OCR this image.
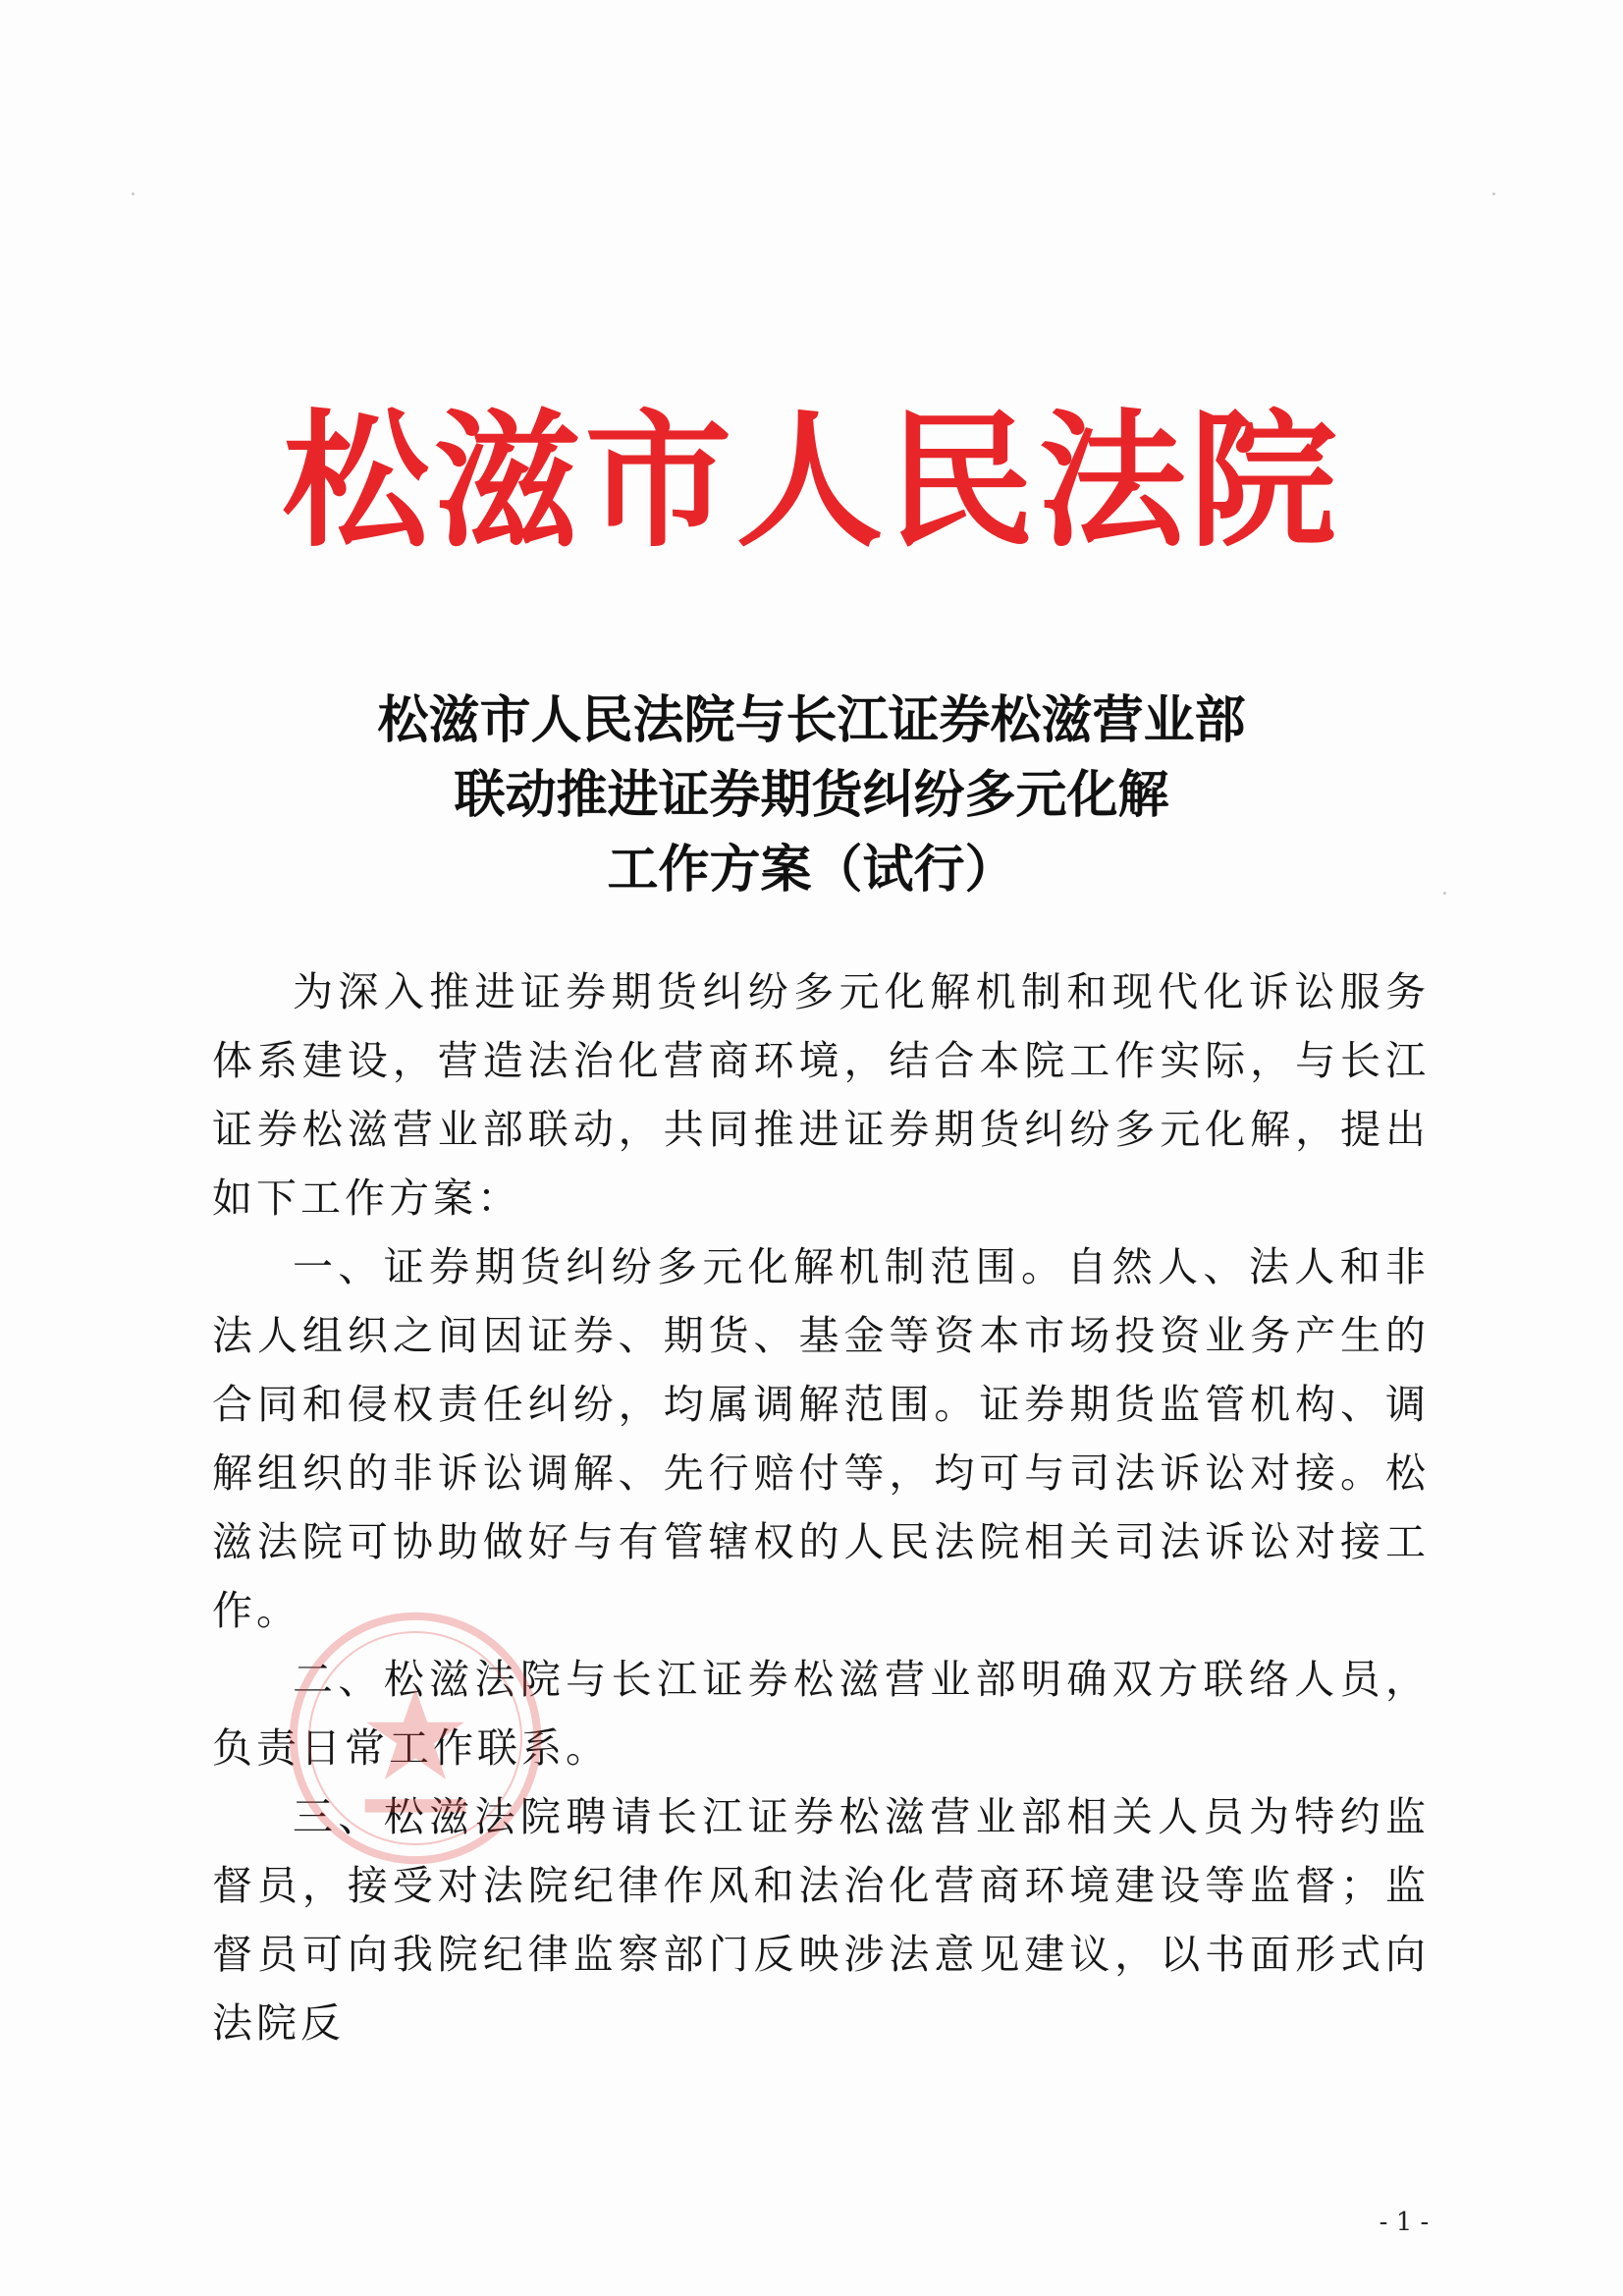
松滋市人民法院
松滋市人民法院与长江证券松滋营业部
联动推进证券期货纠纷多元化解
工作方案（试行）

为深入推进证券期货纠纷多元化解机制和现代化诉讼服务体系建设，营造法治化营商环境，结合本院工作实际，与长江证券松滋营业部联动，共同推进证券期货纠纷多元化解，提出如下工作方案：

一、证券期货纠纷多元化解机制范围。自然人、法人和非法人组织之间因证券、期货、基金等资本市场投资业务产生的合同和侵权责任纠纷，均属调解范围。证券期货监管机构、调解组织的非诉讼调解、先行赔付等，均可与司法诉讼对接。松滋法院可协助做好与有管辖权的人民法院相关司法诉讼对接工作。

二、松滋法院与长江证券松滋营业部明确双方联络人员，负责日常工作联系。

三、松滋法院聘请长江证券松滋营业部相关人员为特约监督员，接受对法院纪律作风和法治化营商环境建设等监督；监督员可向我院纪律监察部门反映涉法意见建议，以书面形式向法院反

- 1 -
